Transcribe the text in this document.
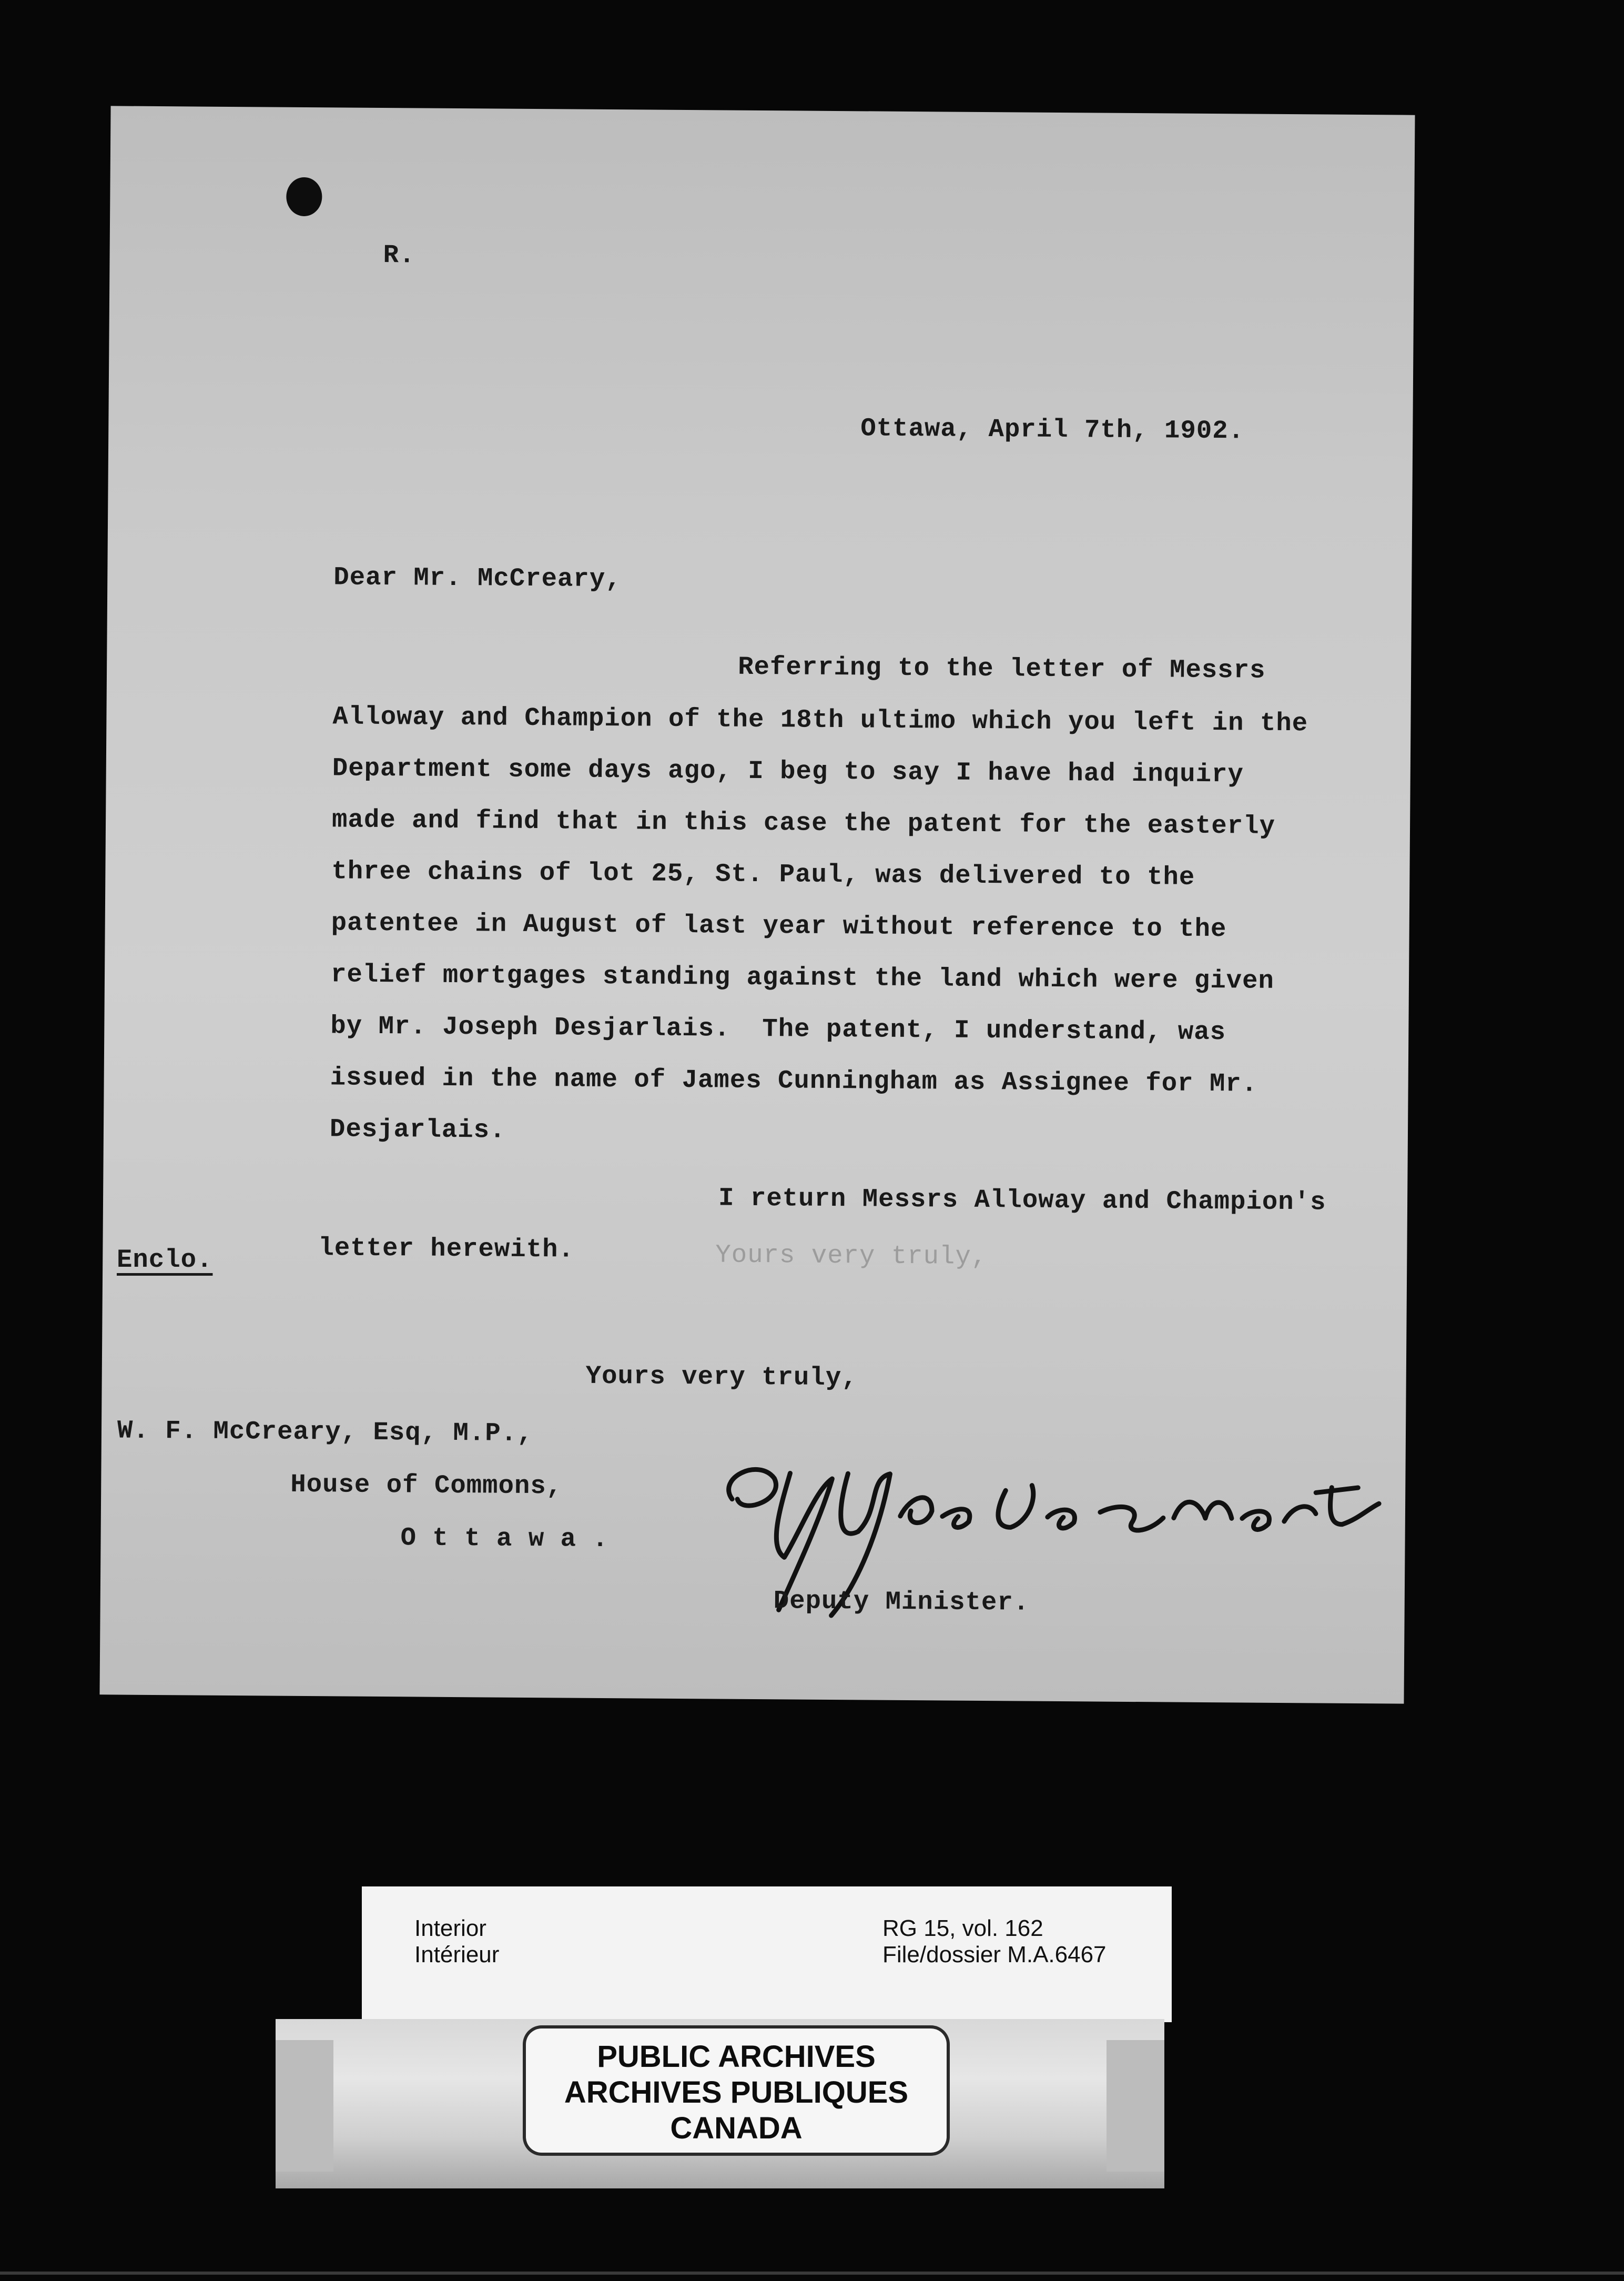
R.
Ottawa, April 7th, 1902.
Dear Mr. McCreary,
Referring to the letter of Messrs
Alloway and Champion of the 18th ultimo which you left in the
Department some days ago, I beg to say I have had inquiry
made and find that in this case the patent for the easterly
three chains of lot 25, St. Paul, was delivered to the
patentee in August of last year without reference to the
relief mortgages standing against the land which were given
by Mr. Joseph Desjarlais.  The patent, I understand, was
issued in the name of James Cunningham as Assignee for Mr.
Desjarlais.
I return Messrs Alloway and Champion's
letter herewith.	Yours very truly,
Yours very truly,
W. F. McCreary, Esq, M.P.,
House of Commons,
O t t a w a .
Deputy Minister.
Enclo.
Interior
Intérieur
RG 15, vol. 162
File/dossier M.A.6467
PUBLIC ARCHIVES
ARCHIVES PUBLIQUES
CANADA
